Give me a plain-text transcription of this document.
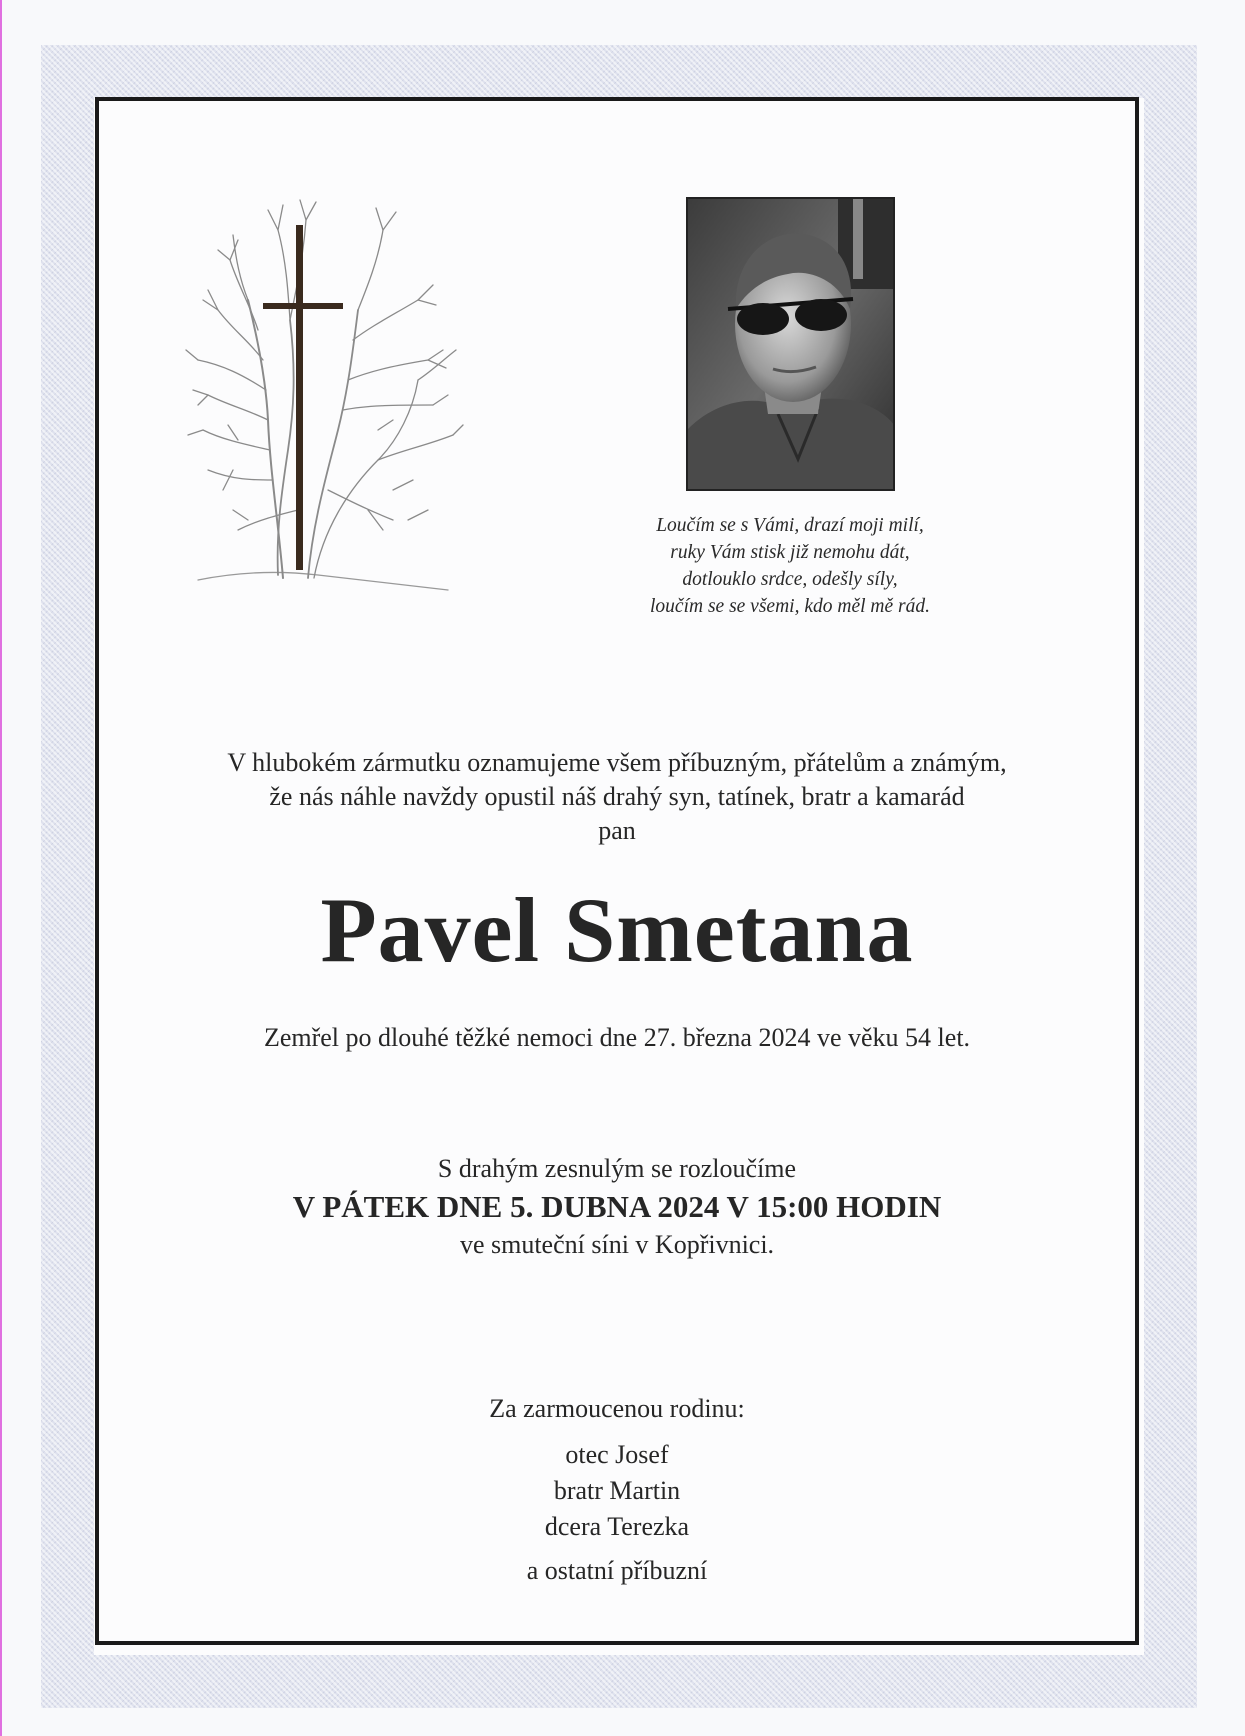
Loučím se s Vámi, drazí moji milí,

ruky Vám stisk již nemohu dát,

dotlouklo srdce, odešly síly,

loučím se se všemi, kdo měl mě rád.

V hlubokém zármutku oznamujeme všem příbuzným, přátelům a známým,

že nás náhle navždy opustil náš drahý syn, tatínek, bratr a kamarád

pan

Pavel Smetana
Zemřel po dlouhé těžké nemoci dne 27. března 2024 ve věku 54 let.

S drahým zesnulým se rozloučíme

V PÁTEK DNE 5. DUBNA 2024 V 15:00 HODIN

ve smuteční síni v Kopřivnici.

Za zarmoucenou rodinu:

otec Josef

bratr Martin

dcera Terezka

a ostatní příbuzní
